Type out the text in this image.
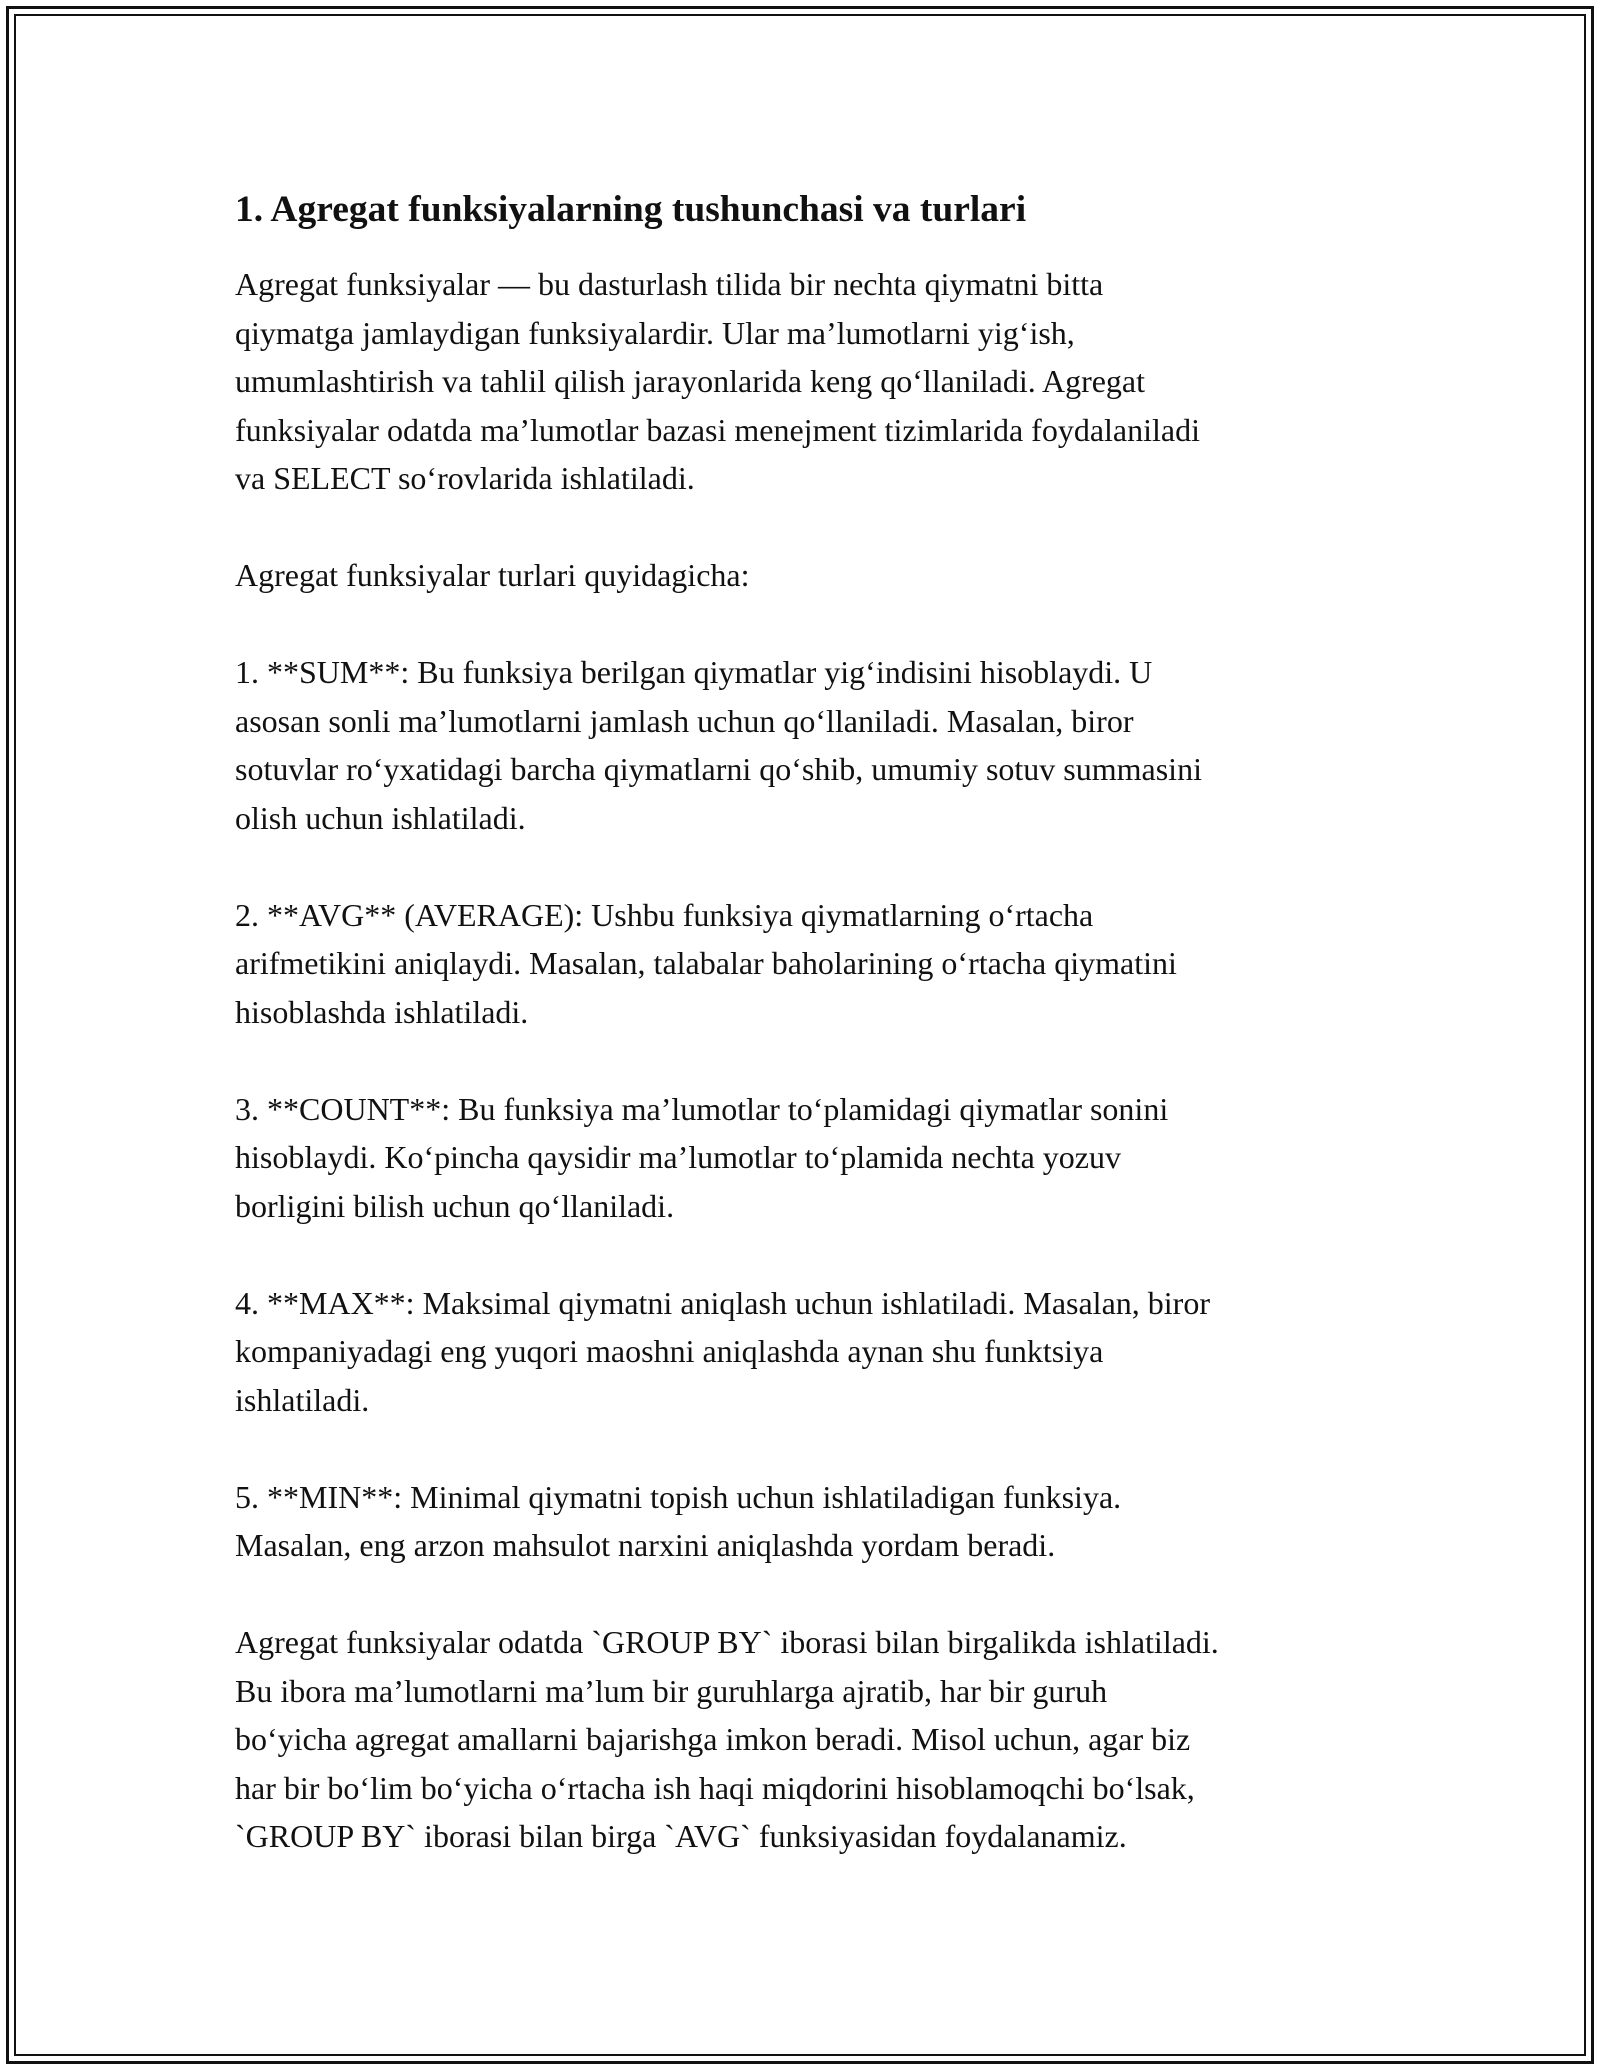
1. Agregat funksiyalarning tushunchasi va turlari

Agregat funksiyalar — bu dasturlash tilida bir nechta qiymatni bitta
qiymatga jamlaydigan funksiyalardir. Ular ma’lumotlarni yig‘ish,
umumlashtirish va tahlil qilish jarayonlarida keng qo‘llaniladi. Agregat
funksiyalar odatda ma’lumotlar bazasi menejment tizimlarida foydalaniladi
va SELECT so‘rovlarida ishlatiladi.

Agregat funksiyalar turlari quyidagicha:

1. **SUM**: Bu funksiya berilgan qiymatlar yig‘indisini hisoblaydi. U
asosan sonli ma’lumotlarni jamlash uchun qo‘llaniladi. Masalan, biror
sotuvlar ro‘yxatidagi barcha qiymatlarni qo‘shib, umumiy sotuv summasini
olish uchun ishlatiladi.

2. **AVG** (AVERAGE): Ushbu funksiya qiymatlarning o‘rtacha
arifmetikini aniqlaydi. Masalan, talabalar baholarining o‘rtacha qiymatini
hisoblashda ishlatiladi.

3. **COUNT**: Bu funksiya ma’lumotlar to‘plamidagi qiymatlar sonini
hisoblaydi. Ko‘pincha qaysidir ma’lumotlar to‘plamida nechta yozuv
borligini bilish uchun qo‘llaniladi.

4. **MAX**: Maksimal qiymatni aniqlash uchun ishlatiladi. Masalan, biror
kompaniyadagi eng yuqori maoshni aniqlashda aynan shu funktsiya
ishlatiladi.

5. **MIN**: Minimal qiymatni topish uchun ishlatiladigan funksiya.
Masalan, eng arzon mahsulot narxini aniqlashda yordam beradi.

Agregat funksiyalar odatda `GROUP BY` iborasi bilan birgalikda ishlatiladi.
Bu ibora ma’lumotlarni ma’lum bir guruhlarga ajratib, har bir guruh
bo‘yicha agregat amallarni bajarishga imkon beradi. Misol uchun, agar biz
har bir bo‘lim bo‘yicha o‘rtacha ish haqi miqdorini hisoblamoqchi bo‘lsak,
`GROUP BY` iborasi bilan birga `AVG` funksiyasidan foydalanamiz.
